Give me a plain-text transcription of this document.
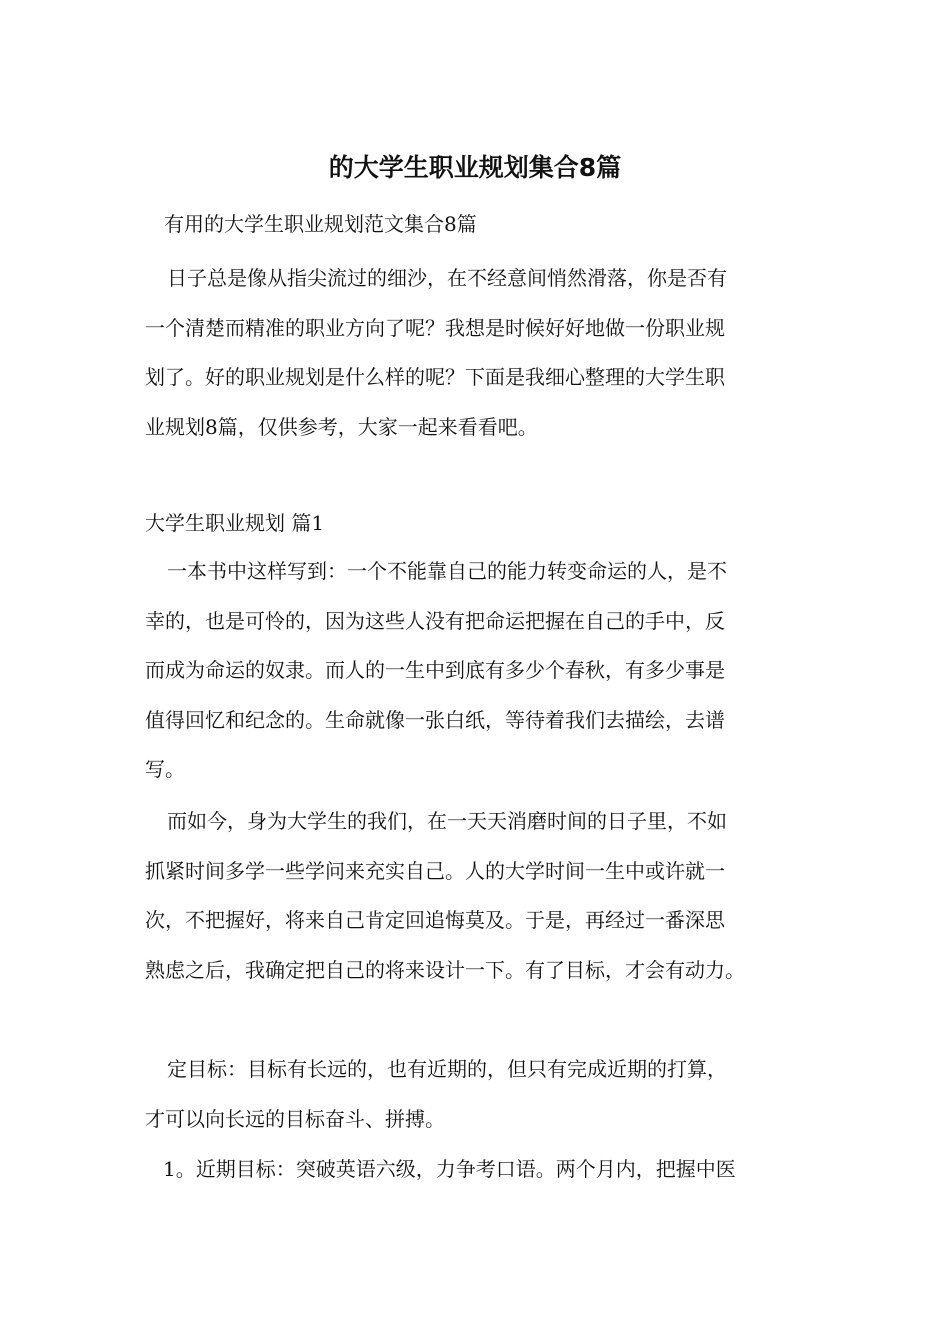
的大学生职业规划集合8篇

有用的大学生职业规划范文集合8篇

日子总是像从指尖流过的细沙，在不经意间悄然滑落，你是否有
一个清楚而精准的职业方向了呢？我想是时候好好地做一份职业规
划了。好的职业规划是什么样的呢？下面是我细心整理的大学生职
业规划8篇，仅供参考，大家一起来看看吧。

大学生职业规划 篇1

一本书中这样写到：一个不能靠自己的能力转变命运的人，是不
幸的，也是可怜的，因为这些人没有把命运把握在自己的手中，反
而成为命运的奴隶。而人的一生中到底有多少个春秋，有多少事是
值得回忆和纪念的。生命就像一张白纸，等待着我们去描绘，去谱
写。
而如今，身为大学生的我们，在一天天消磨时间的日子里，不如
抓紧时间多学一些学问来充实自己。人的大学时间一生中或许就一
次，不把握好，将来自己肯定回追悔莫及。于是，再经过一番深思
熟虑之后，我确定把自己的将来设计一下。有了目标，才会有动力。
定目标：目标有长远的，也有近期的，但只有完成近期的打算，
才可以向长远的目标奋斗、拼搏。
1。近期目标：突破英语六级，力争考口语。两个月内，把握中医
